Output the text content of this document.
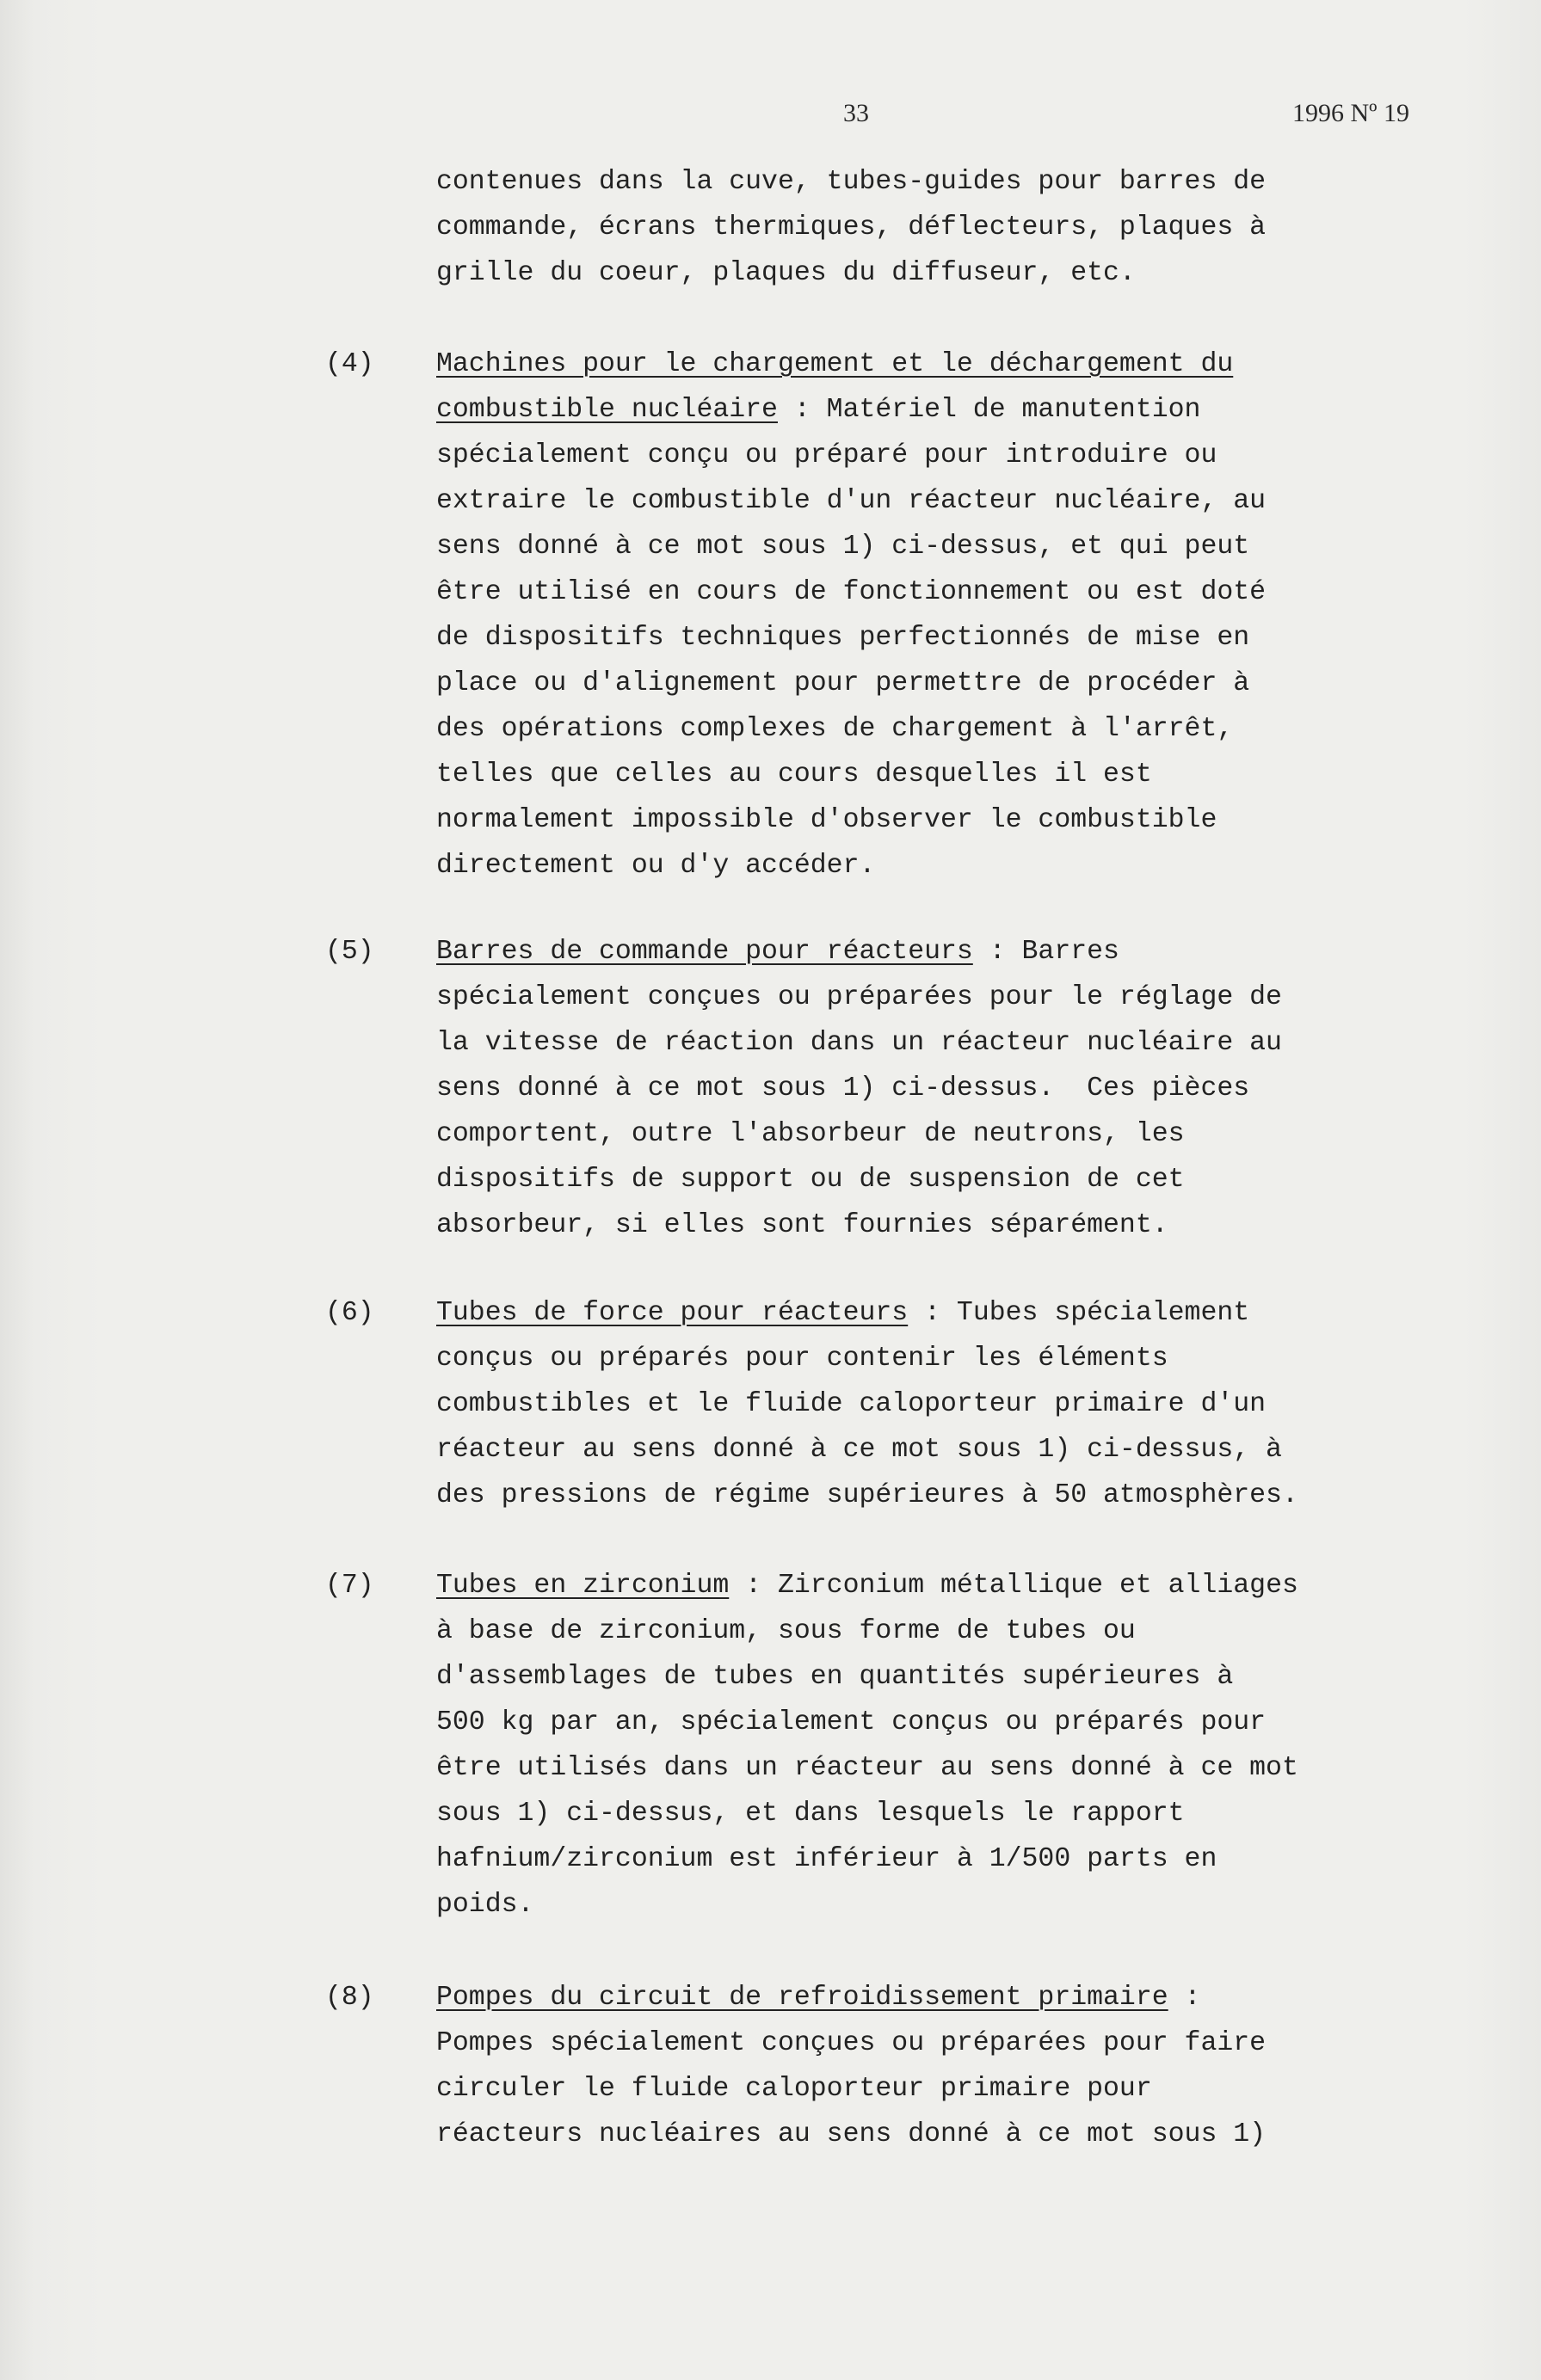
33	1996 Nº 19
contenues dans la cuve, tubes-guides pour barres de
commande, écrans thermiques, déflecteurs, plaques à
grille du coeur, plaques du diffuseur, etc.
(4) Machines pour le chargement et le déchargement du
combustible nucléaire : Matériel de manutention
spécialement conçu ou préparé pour introduire ou
extraire le combustible d'un réacteur nucléaire, au
sens donné à ce mot sous 1) ci-dessus, et qui peut
être utilisé en cours de fonctionnement ou est doté
de dispositifs techniques perfectionnés de mise en
place ou d'alignement pour permettre de procéder à
des opérations complexes de chargement à l'arrêt,
telles que celles au cours desquelles il est
normalement impossible d'observer le combustible
directement ou d'y accéder.
(5) Barres de commande pour réacteurs : Barres
spécialement conçues ou préparées pour le réglage de
la vitesse de réaction dans un réacteur nucléaire au
sens donné à ce mot sous 1) ci-dessus.  Ces pièces
comportent, outre l'absorbeur de neutrons, les
dispositifs de support ou de suspension de cet
absorbeur, si elles sont fournies séparément.
(6) Tubes de force pour réacteurs : Tubes spécialement
conçus ou préparés pour contenir les éléments
combustibles et le fluide caloporteur primaire d'un
réacteur au sens donné à ce mot sous 1) ci-dessus, à
des pressions de régime supérieures à 50 atmosphères.
(7) Tubes en zirconium : Zirconium métallique et alliages
à base de zirconium, sous forme de tubes ou
d'assemblages de tubes en quantités supérieures à
500 kg par an, spécialement conçus ou préparés pour
être utilisés dans un réacteur au sens donné à ce mot
sous 1) ci-dessus, et dans lesquels le rapport
hafnium/zirconium est inférieur à 1/500 parts en
poids.
(8) Pompes du circuit de refroidissement primaire :
Pompes spécialement conçues ou préparées pour faire
circuler le fluide caloporteur primaire pour
réacteurs nucléaires au sens donné à ce mot sous 1)
